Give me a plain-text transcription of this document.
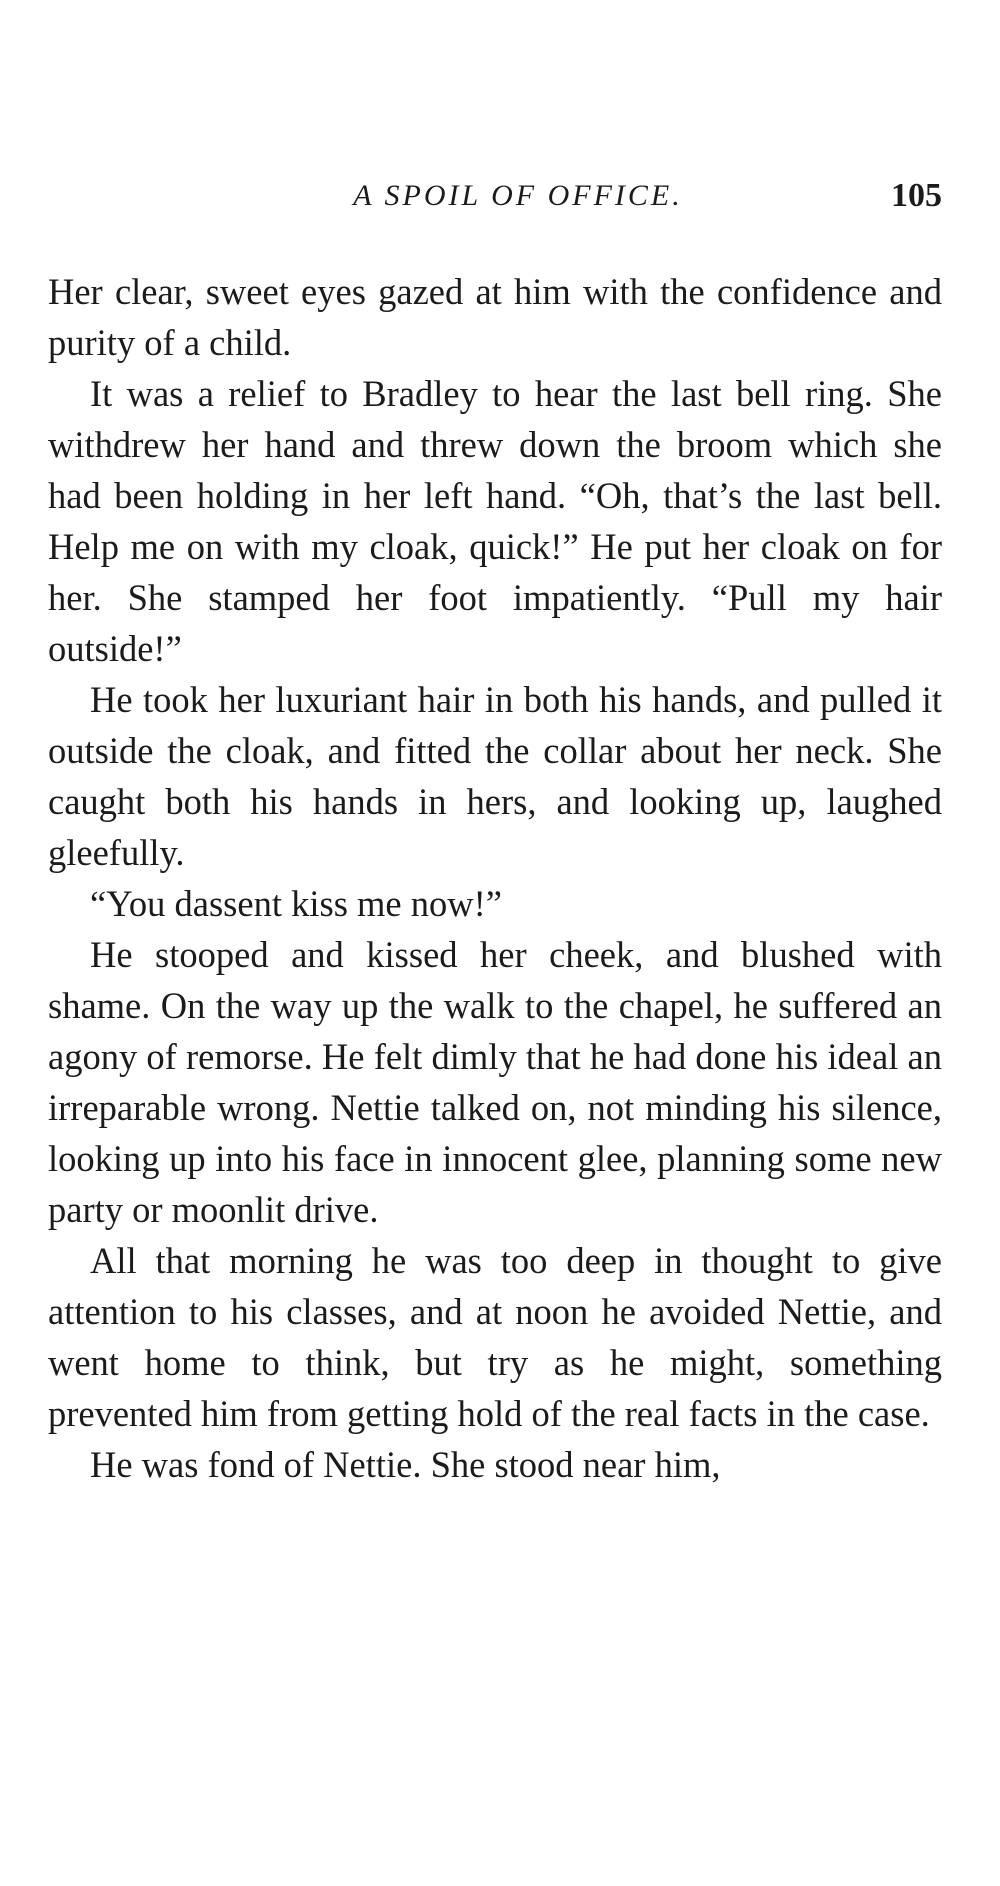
A SPOIL OF OFFICE.	105

Her clear, sweet eyes gazed at him with the confidence and purity of a child.

It was a relief to Bradley to hear the last bell ring. She withdrew her hand and threw down the broom which she had been holding in her left hand. “Oh, that’s the last bell. Help me on with my cloak, quick!” He put her cloak on for her. She stamped her foot impatiently. “Pull my hair outside!”

He took her luxuriant hair in both his hands, and pulled it outside the cloak, and fitted the collar about her neck. She caught both his hands in hers, and looking up, laughed gleefully.

“You dassent kiss me now!”

He stooped and kissed her cheek, and blushed with shame. On the way up the walk to the chapel, he suffered an agony of remorse. He felt dimly that he had done his ideal an irreparable wrong. Nettie talked on, not minding his silence, looking up into his face in innocent glee, planning some new party or moonlit drive.

All that morning he was too deep in thought to give attention to his classes, and at noon he avoided Nettie, and went home to think, but try as he might, something prevented him from getting hold of the real facts in the case.

He was fond of Nettie. She stood near him,
